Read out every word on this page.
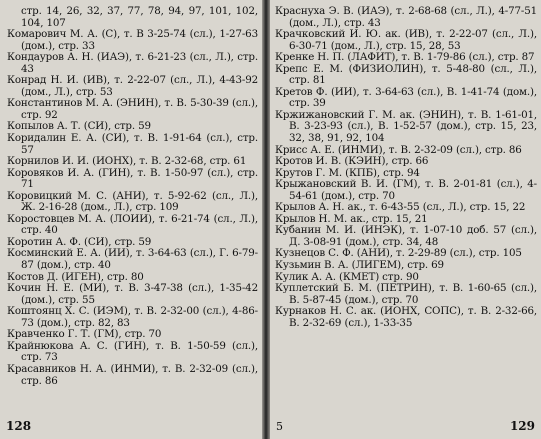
стр. 14, 26, 32, 37, 77, 78, 94, 97, 101, 102, 104, 107

Комарович М. А. (С), т. В 3-25-74 (сл.), 1-27-63 (дом.), стр. 33

Кондауров А. Н. (ИАЭ), т. 6-21-23 (сл., Л.), стр. 43

Конрад Н. И. (ИВ), т. 2-22-07 (сл., Л.), 4-43-92 (дом., Л.), стр. 53

Константинов М. А. (ЭНИН), т. В. 5-30-39 (сл.), стр. 92

Копылов А. Т. (СИ), стр. 59

Коридалин Е. А. (СИ), т. В. 1-91-64 (сл.), стр. 57

Корнилов И. И. (ИОНХ), т. В. 2-32-68, стр. 61

Коровяков И. А. (ГИН), т. В. 1-50-97 (сл.), стр. 71

Коровицкий М. С. (АНИ), т. 5-92-62 (сл., Л.), Ж. 2-16-28 (дом., Л.), стр. 109

Коростовцев М. А. (ЛОИИ), т. 6-21-74 (сл., Л.), стр. 40

Коротин А. Ф. (СИ), стр. 59

Косминский Е. А. (ИИ), т. 3-64-63 (сл.), Г. 6-79-87 (дом.), стр. 40

Костов Д. (ИГЕН), стр. 80

Кочин Н. Е. (МИ), т. В. 3-47-38 (сл.), 1-35-42 (дом.), стр. 55

Коштоянц Х. С. (ИЭМ), т. В. 2-32-00 (сл.), 4-86-73 (дом.), стр. 82, 83

Кравченко Г. Т. (ГМ), стр. 70

Крайнюкова А. С. (ГИН), т. В. 1-50-59 (сл.), стр. 73

Красавников Н. А. (ИНМИ), т. В. 2-32-09 (сл.), стр. 86

128

Краснуха Э. В. (ИАЭ), т. 2-68-68 (сл., Л.), 4-77-51 (дом., Л.), стр. 43

Крачковский И. Ю. ак. (ИВ), т. 2-22-07 (сл., Л.), 6-30-71 (дом., Л.), стр. 15, 28, 53

Кренке Н. П. (ЛАФИТ), т. В. 1-79-86 (сл.), стр. 87

Крепс Е. М. (ФИЗИОЛИН), т. 5-48-80 (сл., Л.), стр. 81

Кретов Ф. (ИИ), т. 3-64-63 (сл.), В. 1-41-74 (дом.), стр. 39

Кржижановский Г. М. ак. (ЭНИН), т. В. 1-61-01, В. 3-23-93 (сл.), В. 1-52-57 (дом.), стр. 15, 23, 32, 38, 91, 92, 104

Крисс А. Е. (ИНМИ), т. В. 2-32-09 (сл.), стр. 86

Кротов И. В. (КЭИН), стр. 66

Крутов Г. М. (КПБ), стр. 94

Крыжановский В. И. (ГМ), т. В. 2-01-81 (сл.), 4-54-61 (дом.), стр. 70

Крылов А. Н. ак., т. 6-43-55 (сл., Л.), стр. 15, 22

Крылов Н. М. ак., стр. 15, 21

Кубанин М. И. (ИНЭК), т. 1-07-10 доб. 57 (сл.), Д. 3-08-91 (дом.), стр. 34, 48

Кузнецов С. Ф. (АНИ), т. 2-29-89 (сл.), стр. 105

Кузьмин В. А. (ЛИГЕМ), стр. 69

Кулик А. А. (КМЕТ) стр. 90

Куплетский Б. М. (ПЕТРИН), т. В. 1-60-65 (сл.), В. 5-87-45 (дом.), стр. 70

Курнаков Н. С. ак. (ИОНХ, СОПС), т. В. 2-32-66, В. 2-32-69 (сл.), 1-33-35

5	129
